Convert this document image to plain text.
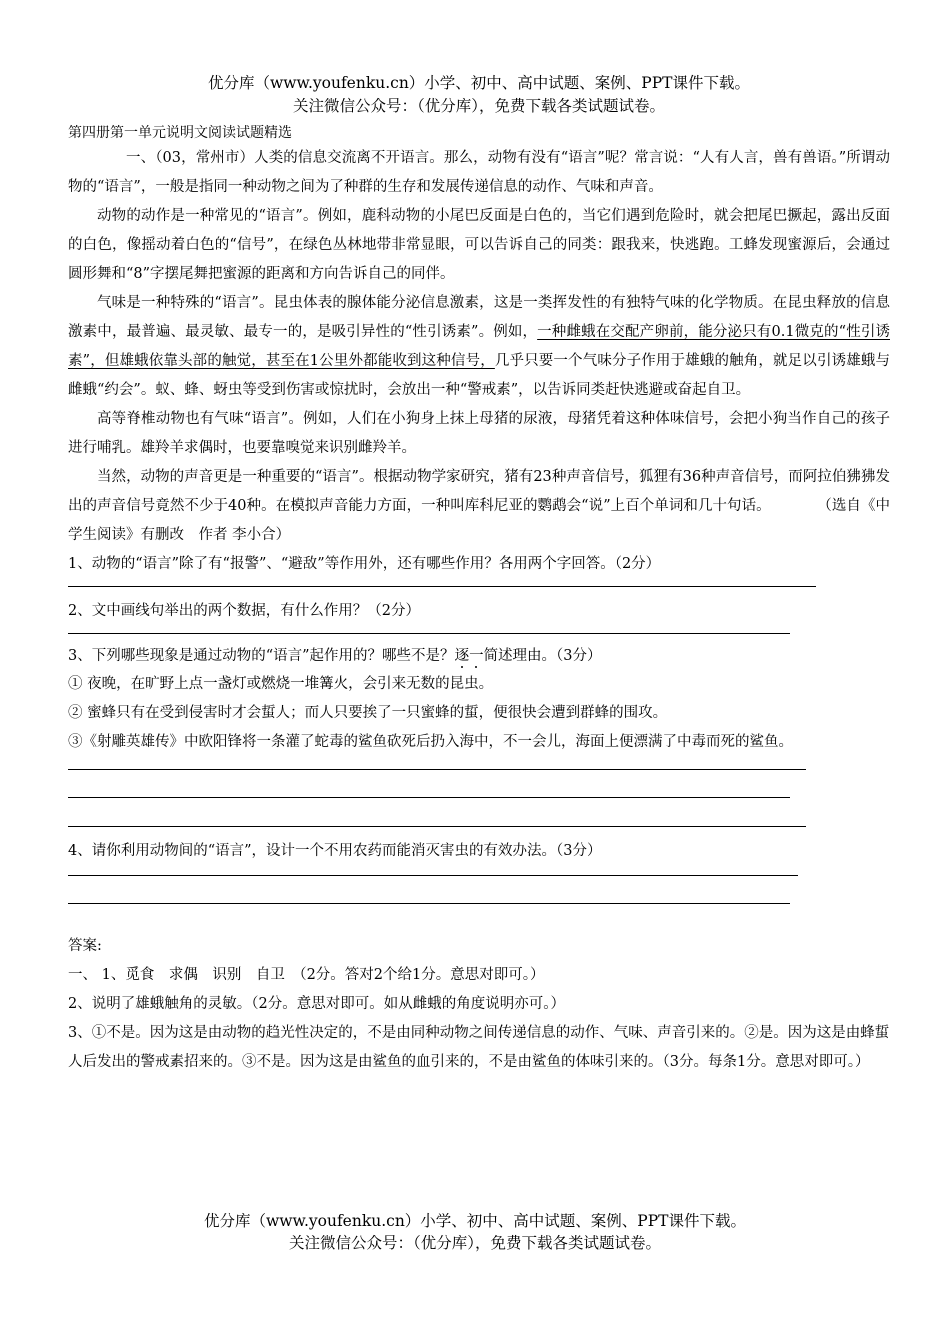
优分库（www.youfenku.cn）小学、初中、高中试题、案例、PPT课件下载。
关注微信公众号：（优分库），免费下载各类试题试卷。
第四册第一单元说明文阅读试题精选
一、（03，常州市）人类的信息交流离不开语言。那么，动物有没有“语言”呢？常言说：“人有人言，兽有兽语。”所谓动物的“语言”，一般是指同一种动物之间为了种群的生存和发展传递信息的动作、气味和声音。
动物的动作是一种常见的“语言”。例如，鹿科动物的小尾巴反面是白色的，当它们遇到危险时，就会把尾巴撅起，露出反面的白色，像摇动着白色的“信号”，在绿色丛林地带非常显眼，可以告诉自己的同类：跟我来，快逃跑。工蜂发现蜜源后，会通过圆形舞和“8”字摆尾舞把蜜源的距离和方向告诉自己的同伴。
气味是一种特殊的“语言”。昆虫体表的腺体能分泌信息激素，这是一类挥发性的有独特气味的化学物质。在昆虫释放的信息激素中，最普遍、最灵敏、最专一的，是吸引异性的“性引诱素”。例如，一种雌蛾在交配产卵前，能分泌只有0.1微克的“性引诱素”，但雄蛾依靠头部的触觉，甚至在1公里外都能收到这种信号，几乎只要一个气味分子作用于雄蛾的触角，就足以引诱雄蛾与雌蛾“约会”。蚁、蜂、蚜虫等受到伤害或惊扰时，会放出一种“警戒素”，以告诉同类赶快逃避或奋起自卫。
高等脊椎动物也有气味“语言”。例如，人们在小狗身上抹上母猪的尿液，母猪凭着这种体味信号，会把小狗当作自己的孩子进行哺乳。雄羚羊求偶时，也要靠嗅觉来识别雌羚羊。
当然，动物的声音更是一种重要的“语言”。根据动物学家研究，猪有23种声音信号，狐狸有36种声音信号，而阿拉伯狒狒发出的声音信号竟然不少于40种。在模拟声音能力方面，一种叫库科尼亚的鹦鹉会“说”上百个单词和几十句话。	（选自《中学生阅读》有删改　作者 李小合）
1、动物的“语言”除了有“报警”、“避敌”等作用外，还有哪些作用？各用两个字回答。（2分）
2、文中画线句举出的两个数据，有什么作用？（2分）
3、下列哪些现象是通过动物的“语言”起作用的？哪些不是？逐一简述理由。（3分）
① 夜晚，在旷野上点一盏灯或燃烧一堆篝火，会引来无数的昆虫。
② 蜜蜂只有在受到侵害时才会蜇人；而人只要挨了一只蜜蜂的蜇，便很快会遭到群蜂的围攻。
③《射雕英雄传》中欧阳锋将一条灌了蛇毒的鲨鱼砍死后扔入海中，不一会儿，海面上便漂满了中毒而死的鲨鱼。
4、请你利用动物间的“语言”，设计一个不用农药而能消灭害虫的有效办法。（3分）
答案:
一、 1、觅食　求偶　识别　自卫　（2分。答对2个给1分。意思对即可。）
2、说明了雄蛾触角的灵敏。（2分。意思对即可。如从雌蛾的角度说明亦可。）
3、①不是。因为这是由动物的趋光性决定的，不是由同种动物之间传递信息的动作、气味、声音引来的。②是。因为这是由蜂蜇人后发出的警戒素招来的。③不是。因为这是由鲨鱼的血引来的，不是由鲨鱼的体味引来的。（3分。每条1分。意思对即可。）
优分库（www.youfenku.cn）小学、初中、高中试题、案例、PPT课件下载。
关注微信公众号：（优分库），免费下载各类试题试卷。
